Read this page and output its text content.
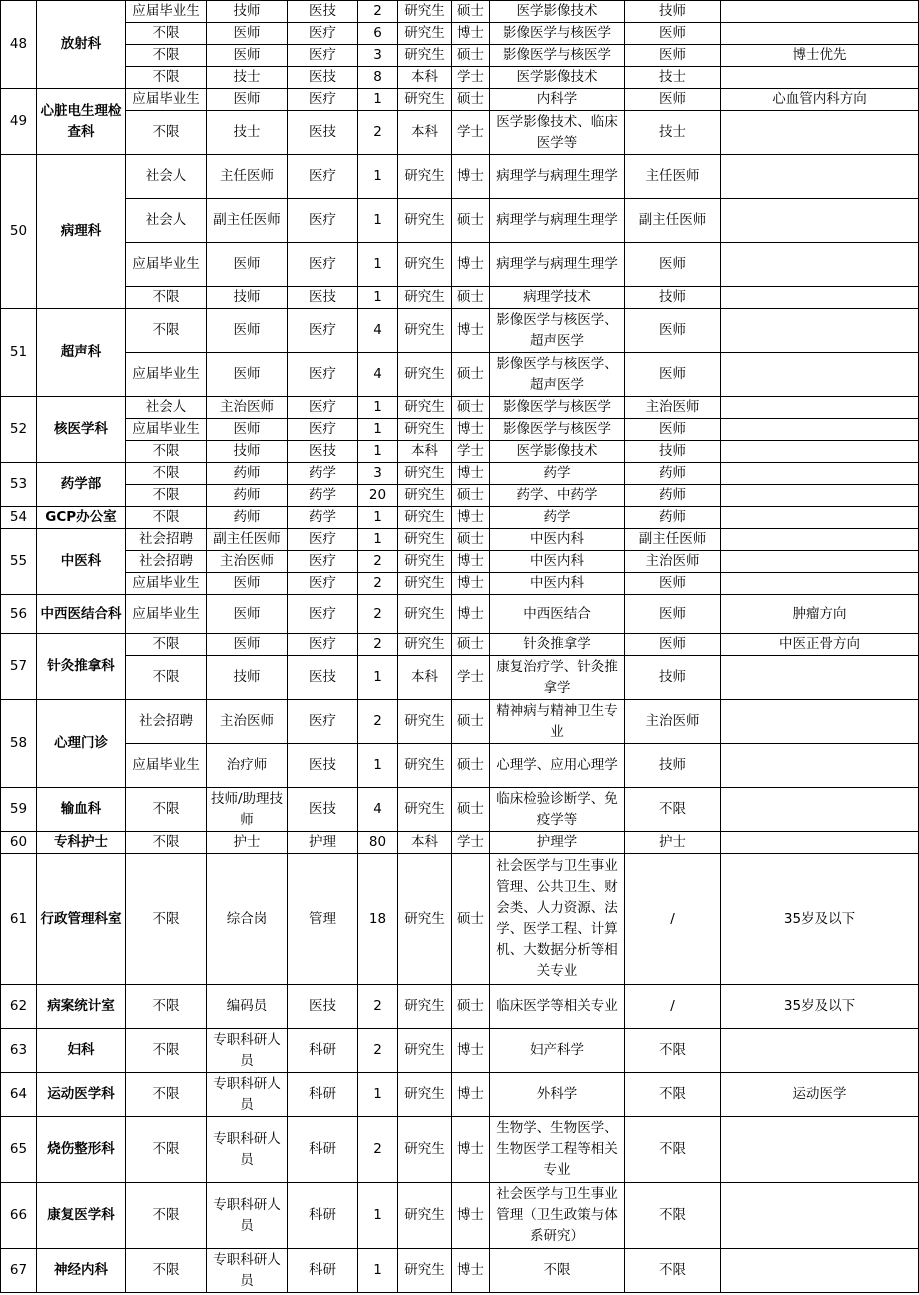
48	放射科	应届毕业生	技师	医技	2	研究生	硕士	医学影像技术	技师	
		不限	医师	医疗	6	研究生	博士	影像医学与核医学	医师	
		不限	医师	医疗	3	研究生	硕士	影像医学与核医学	医师	博士优先
		不限	技士	医技	8	本科	学士	医学影像技术	技士	
49	心脏电生理检查科	应届毕业生	医师	医疗	1	研究生	硕士	内科学	医师	心血管内科方向
		不限	技士	医技	2	本科	学士	医学影像技术、临床医学等	技士	
50	病理科	社会人	主任医师	医疗	1	研究生	博士	病理学与病理生理学	主任医师	
		社会人	副主任医师	医疗	1	研究生	硕士	病理学与病理生理学	副主任医师	
		应届毕业生	医师	医疗	1	研究生	博士	病理学与病理生理学	医师	
		不限	技师	医技	1	研究生	硕士	病理学技术	技师	
51	超声科	不限	医师	医疗	4	研究生	博士	影像医学与核医学、超声医学	医师	
		应届毕业生	医师	医疗	4	研究生	硕士	影像医学与核医学、超声医学	医师	
52	核医学科	社会人	主治医师	医疗	1	研究生	硕士	影像医学与核医学	主治医师	
		应届毕业生	医师	医疗	1	研究生	博士	影像医学与核医学	医师	
		不限	技师	医技	1	本科	学士	医学影像技术	技师	
53	药学部	不限	药师	药学	3	研究生	博士	药学	药师	
		不限	药师	药学	20	研究生	硕士	药学、中药学	药师	
54	GCP办公室	不限	药师	药学	1	研究生	博士	药学	药师	
55	中医科	社会招聘	副主任医师	医疗	1	研究生	硕士	中医内科	副主任医师	
		社会招聘	主治医师	医疗	2	研究生	博士	中医内科	主治医师	
		应届毕业生	医师	医疗	2	研究生	博士	中医内科	医师	
56	中西医结合科	应届毕业生	医师	医疗	2	研究生	博士	中西医结合	医师	肿瘤方向
57	针灸推拿科	不限	医师	医疗	2	研究生	硕士	针灸推拿学	医师	中医正骨方向
		不限	技师	医技	1	本科	学士	康复治疗学、针灸推拿学	技师	
58	心理门诊	社会招聘	主治医师	医疗	2	研究生	硕士	精神病与精神卫生专业	主治医师	
		应届毕业生	治疗师	医技	1	研究生	硕士	心理学、应用心理学	技师	
59	输血科	不限	技师/助理技师	医技	4	研究生	硕士	临床检验诊断学、免疫学等	不限	
60	专科护士	不限	护士	护理	80	本科	学士	护理学	护士	
61	行政管理科室	不限	综合岗	管理	18	研究生	硕士	社会医学与卫生事业管理、公共卫生、财会类、人力资源、法学、医学工程、计算机、大数据分析等相关专业	/	35岁及以下
62	病案统计室	不限	编码员	医技	2	研究生	硕士	临床医学等相关专业	/	35岁及以下
63	妇科	不限	专职科研人员	科研	2	研究生	博士	妇产科学	不限	
64	运动医学科	不限	专职科研人员	科研	1	研究生	博士	外科学	不限	运动医学
65	烧伤整形科	不限	专职科研人员	科研	2	研究生	博士	生物学、生物医学、生物医学工程等相关专业	不限	
66	康复医学科	不限	专职科研人员	科研	1	研究生	博士	社会医学与卫生事业管理（卫生政策与体系研究）	不限	
67	神经内科	不限	专职科研人员	科研	1	研究生	博士	不限	不限	
